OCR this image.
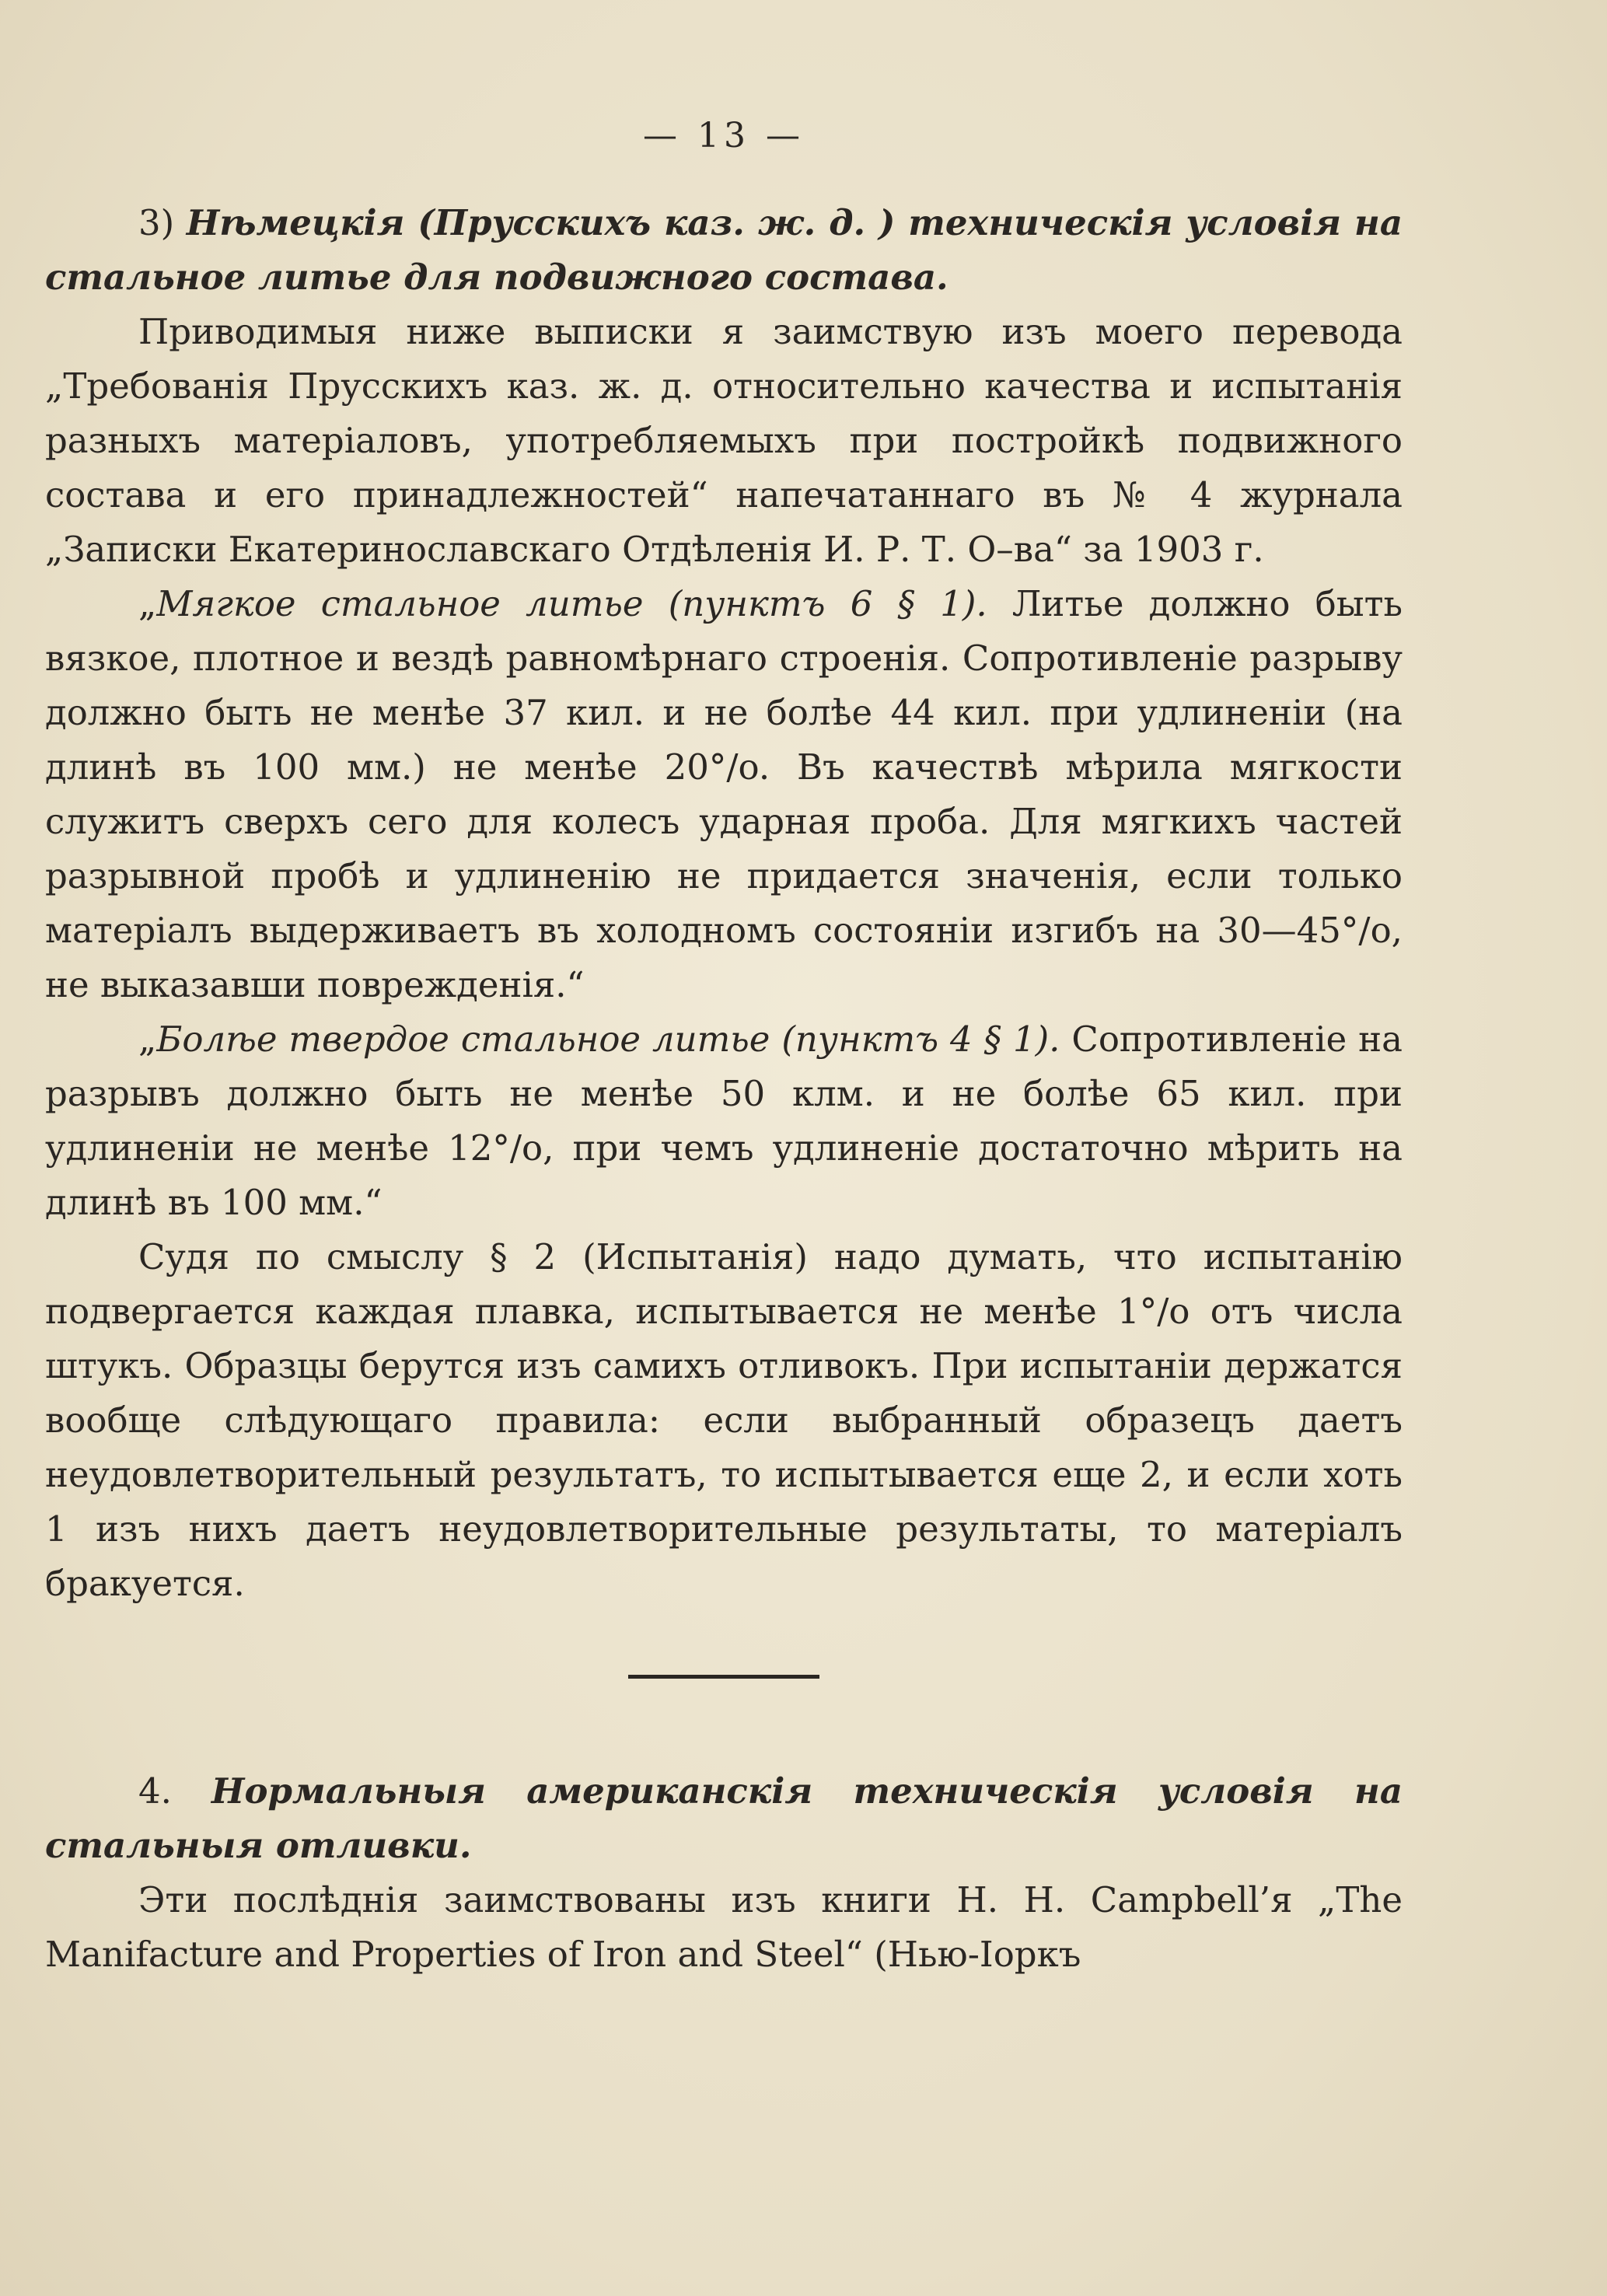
— 13 —

3) Нѣмецкія (Прусскихъ каз. ж. д. ) техническія условія на стальное литье для подвижного состава.

Приводимыя ниже выписки я заимствую изъ моего перевода „Требованія Прусскихъ каз. ж. д. относительно качества и испытанія разныхъ матеріаловъ, употребляемыхъ при постройкѣ подвижного состава и его принадлежностей“ напечатаннаго въ № 4 журнала „Записки Екатеринославскаго Отдѣленія И. Р. Т. О–ва“ за 1903 г.

„Мягкое стальное литье (пунктъ 6 § 1). Литье должно быть вязкое, плотное и вездѣ равномѣрнаго строенія. Сопротивленіе разрыву должно быть не менѣе 37 кил. и не болѣе 44 кил. при удлиненіи (на длинѣ въ 100 мм.) не менѣе 20°/o. Въ качествѣ мѣрила мягкости служитъ сверхъ сего для колесъ ударная проба. Для мягкихъ частей разрывной пробѣ и удлиненію не придается значенія, если только матеріалъ выдерживаетъ въ холодномъ состояніи изгибъ на 30—45°/o, не выказавши поврежденія.“

„Болѣе твердое стальное литье (пунктъ 4 § 1). Сопротивленіе на разрывъ должно быть не менѣе 50 клм. и не болѣе 65 кил. при удлиненіи не менѣе 12°/o, при чемъ удлиненіе достаточно мѣрить на длинѣ въ 100 мм.“

Судя по смыслу § 2 (Испытанія) надо думать, что испытанію подвергается каждая плавка, испытывается не менѣе 1°/o отъ числа штукъ. Образцы берутся изъ самихъ отливокъ. При испытаніи держатся вообще слѣдующаго правила: если выбранный образецъ даетъ неудовлетворительный результатъ, то испытывается еще 2, и если хоть 1 изъ нихъ даетъ неудовлетворительные результаты, то матеріалъ бракуется.

4. Нормальныя американскія техническія условія на стальныя отливки.

Эти послѣднія заимствованы изъ книги H. H. Campbell’я „The Manifacture and Properties of Iron and Steel“ (Нью-Іоркъ
